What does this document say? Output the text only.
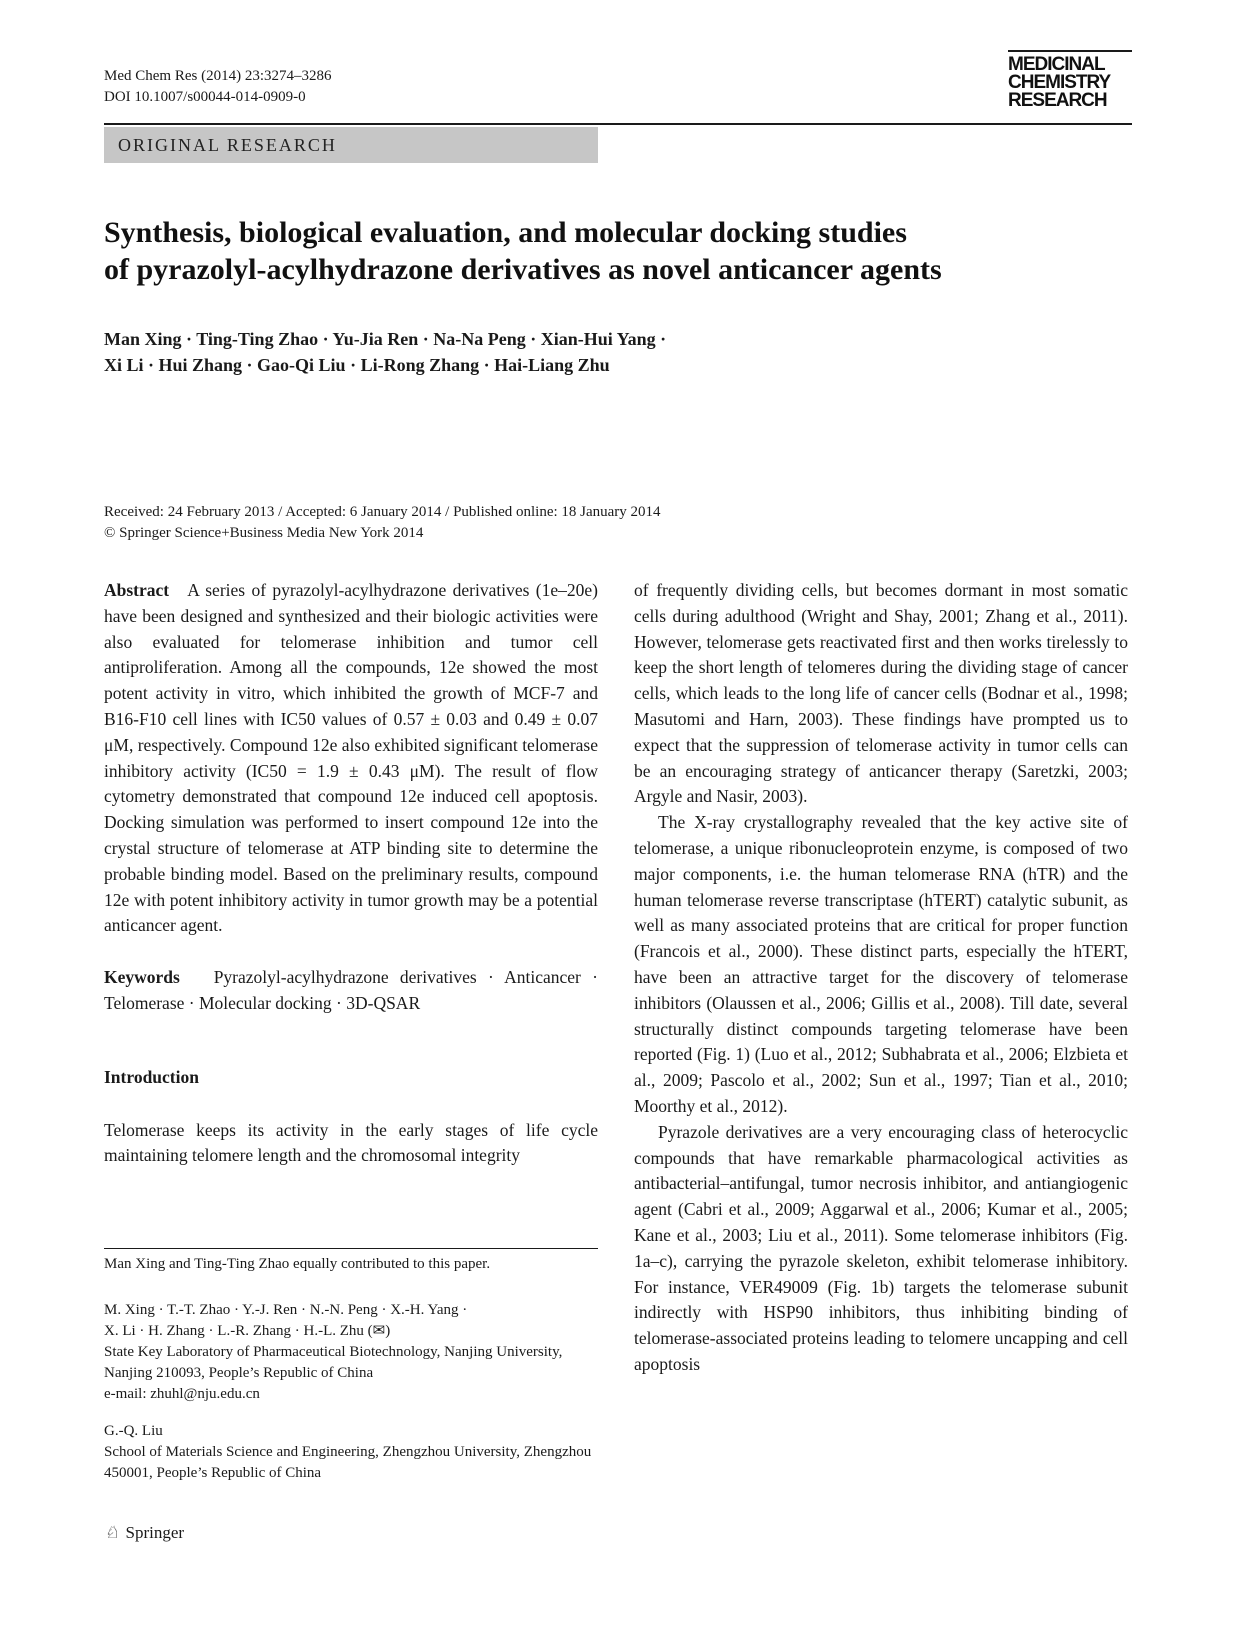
Med Chem Res (2014) 23:3274–3286
DOI 10.1007/s00044-014-0909-0
MEDICINAL
CHEMISTRY
RESEARCH
ORIGINAL RESEARCH
Synthesis, biological evaluation, and molecular docking studies
of pyrazolyl-acylhydrazone derivatives as novel anticancer agents
Man Xing · Ting-Ting Zhao · Yu-Jia Ren · Na-Na Peng · Xian-Hui Yang ·
Xi Li · Hui Zhang · Gao-Qi Liu · Li-Rong Zhang · Hai-Liang Zhu
Received: 24 February 2013 / Accepted: 6 January 2014 / Published online: 18 January 2014
© Springer Science+Business Media New York 2014

Abstract A series of pyrazolyl-acylhydrazone derivatives (1e–20e) have been designed and synthesized and their biologic activities were also evaluated for telomerase inhibition and tumor cell antiproliferation. Among all the compounds, 12e showed the most potent activity in vitro, which inhibited the growth of MCF-7 and B16-F10 cell lines with IC50 values of 0.57 ± 0.03 and 0.49 ± 0.07 μM, respectively. Compound 12e also exhibited significant telomerase inhibitory activity (IC50 = 1.9 ± 0.43 μM). The result of flow cytometry demonstrated that compound 12e induced cell apoptosis. Docking simulation was performed to insert compound 12e into the crystal structure of telomerase at ATP binding site to determine the probable binding model. Based on the preliminary results, compound 12e with potent inhibitory activity in tumor growth may be a potential anticancer agent.

Keywords Pyrazolyl-acylhydrazone derivatives · Anticancer · Telomerase · Molecular docking · 3D-QSAR

Introduction

Telomerase keeps its activity in the early stages of life cycle maintaining telomere length and the chromosomal integrity

of frequently dividing cells, but becomes dormant in most somatic cells during adulthood (Wright and Shay, 2001; Zhang et al., 2011). However, telomerase gets reactivated first and then works tirelessly to keep the short length of telomeres during the dividing stage of cancer cells, which leads to the long life of cancer cells (Bodnar et al., 1998; Masutomi and Harn, 2003). These findings have prompted us to expect that the suppression of telomerase activity in tumor cells can be an encouraging strategy of anticancer therapy (Saretzki, 2003; Argyle and Nasir, 2003).

The X-ray crystallography revealed that the key active site of telomerase, a unique ribonucleoprotein enzyme, is composed of two major components, i.e. the human telomerase RNA (hTR) and the human telomerase reverse transcriptase (hTERT) catalytic subunit, as well as many associated proteins that are critical for proper function (Francois et al., 2000). These distinct parts, especially the hTERT, have been an attractive target for the discovery of telomerase inhibitors (Olaussen et al., 2006; Gillis et al., 2008). Till date, several structurally distinct compounds targeting telomerase have been reported (Fig. 1) (Luo et al., 2012; Subhabrata et al., 2006; Elzbieta et al., 2009; Pascolo et al., 2002; Sun et al., 1997; Tian et al., 2010; Moorthy et al., 2012).

Pyrazole derivatives are a very encouraging class of heterocyclic compounds that have remarkable pharmacological activities as antibacterial–antifungal, tumor necrosis inhibitor, and antiangiogenic agent (Cabri et al., 2009; Aggarwal et al., 2006; Kumar et al., 2005; Kane et al., 2003; Liu et al., 2011). Some telomerase inhibitors (Fig. 1a–c), carrying the pyrazole skeleton, exhibit telomerase inhibitory. For instance, VER49009 (Fig. 1b) targets the telomerase subunit indirectly with HSP90 inhibitors, thus inhibiting binding of telomerase-associated proteins leading to telomere uncapping and cell apoptosis

Man Xing and Ting-Ting Zhao equally contributed to this paper.

M. Xing · T.-T. Zhao · Y.-J. Ren · N.-N. Peng · X.-H. Yang ·

X. Li · H. Zhang · L.-R. Zhang · H.-L. Zhu (✉)

State Key Laboratory of Pharmaceutical Biotechnology, Nanjing University, Nanjing 210093, People’s Republic of China

e-mail: zhuhl@nju.edu.cn

G.-Q. Liu

School of Materials Science and Engineering, Zhengzhou University, Zhengzhou 450001, People’s Republic of China

♘ Springer
